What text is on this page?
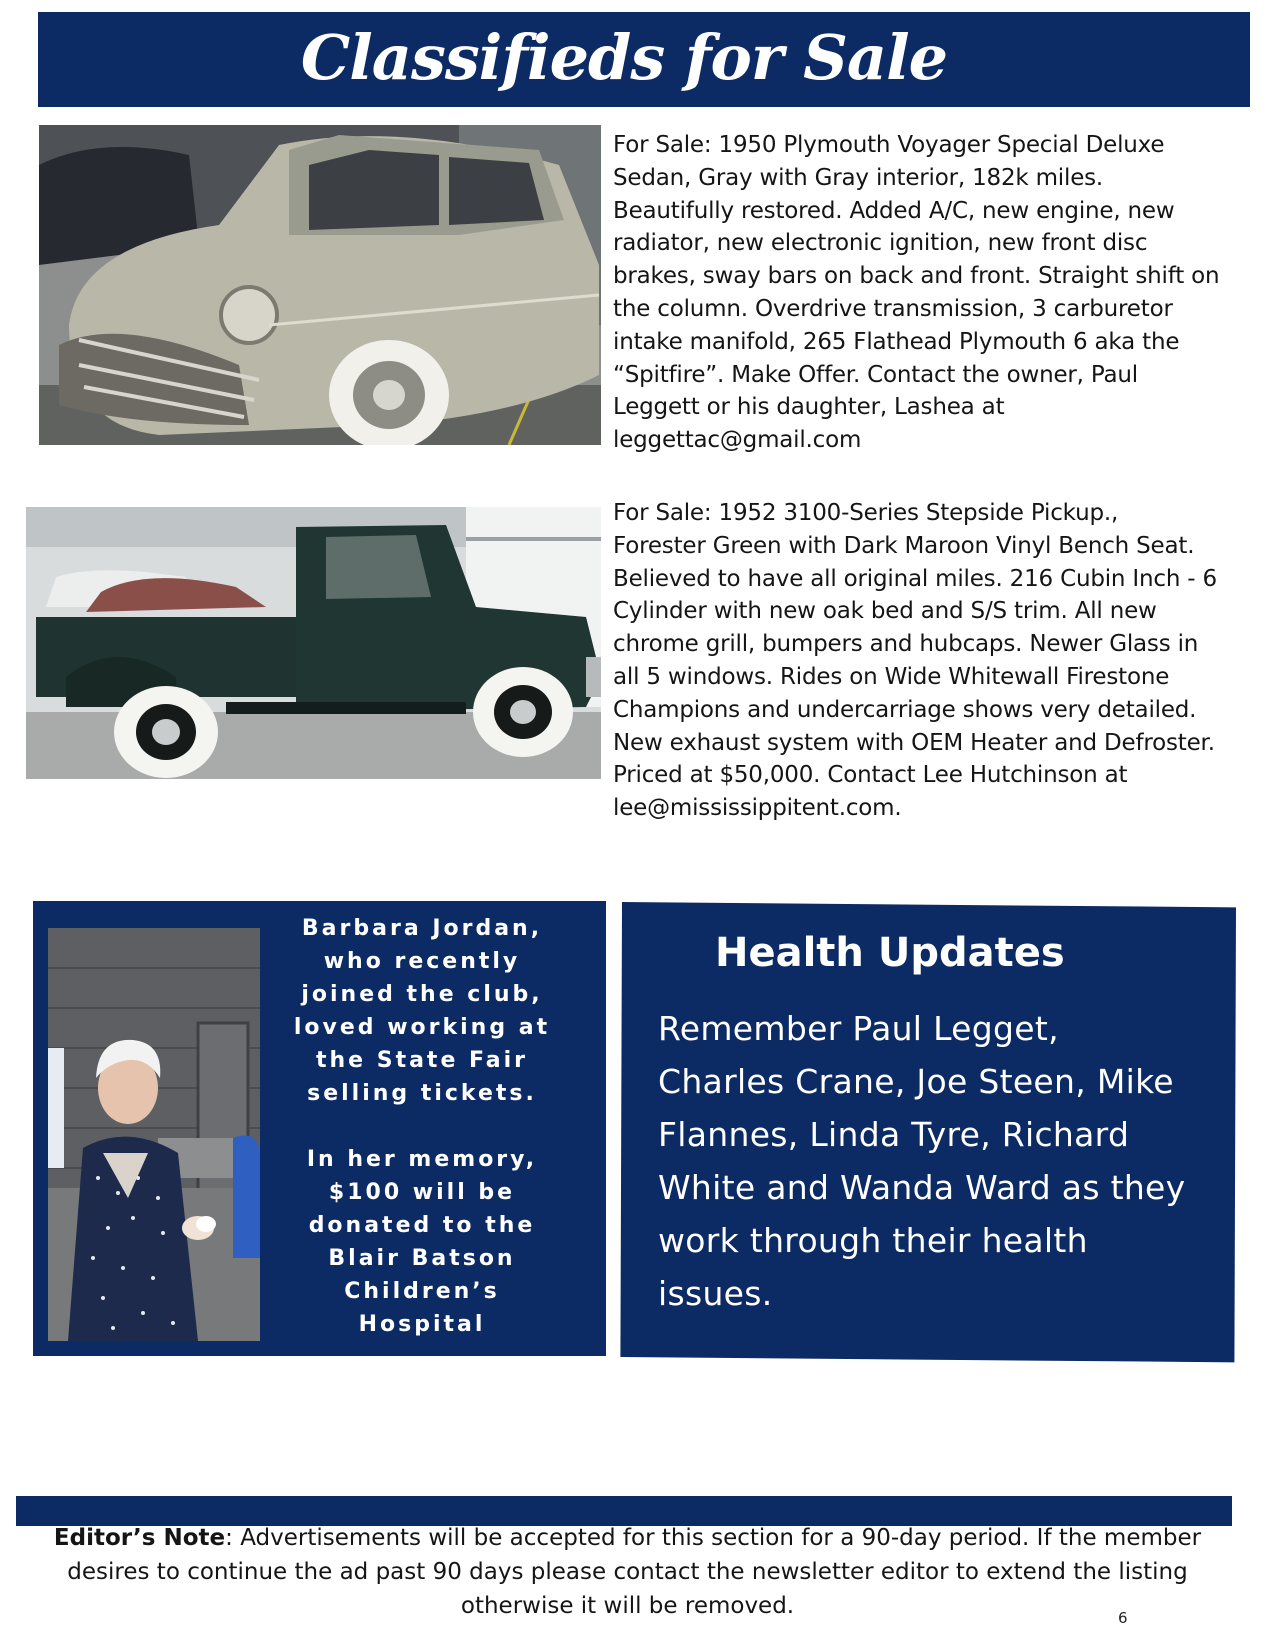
Classifieds for Sale
For Sale: 1950 Plymouth Voyager Special Deluxe
Sedan, Gray with Gray interior, 182k miles.
Beautifully restored. Added A/C, new engine, new
radiator, new electronic ignition, new front disc
brakes, sway bars on back and front. Straight shift on
the column. Overdrive transmission, 3 carburetor
intake manifold, 265 Flathead Plymouth 6 aka the
“Spitfire”. Make Offer. Contact the owner, Paul
Leggett or his daughter, Lashea at
leggettac@gmail.com
For Sale: 1952 3100-Series Stepside Pickup.,
Forester Green with Dark Maroon Vinyl Bench Seat.
Believed to have all original miles. 216 Cubin Inch - 6
Cylinder with new oak bed and S/S trim. All new
chrome grill, bumpers and hubcaps. Newer Glass in
all 5 windows. Rides on Wide Whitewall Firestone
Champions and undercarriage shows very detailed.
New exhaust system with OEM Heater and Defroster.
Priced at $50,000. Contact Lee Hutchinson at
lee@mississippitent.com.
Barbara Jordan,
who recently
joined the club,
loved working at
the State Fair
selling tickets.

In her memory,
$100 will be
donated to the
Blair Batson
Children’s
Hospital
Health Updates

Remember Paul Legget,
Charles Crane, Joe Steen, Mike
Flannes, Linda Tyre, Richard
White and Wanda Ward as they
work through their health
issues.

Editor’s Note: Advertisements will be accepted for this section for a 90-day period. If the member desires to continue the ad past 90 days please contact the newsletter editor to extend the listing otherwise it will be removed.	6
